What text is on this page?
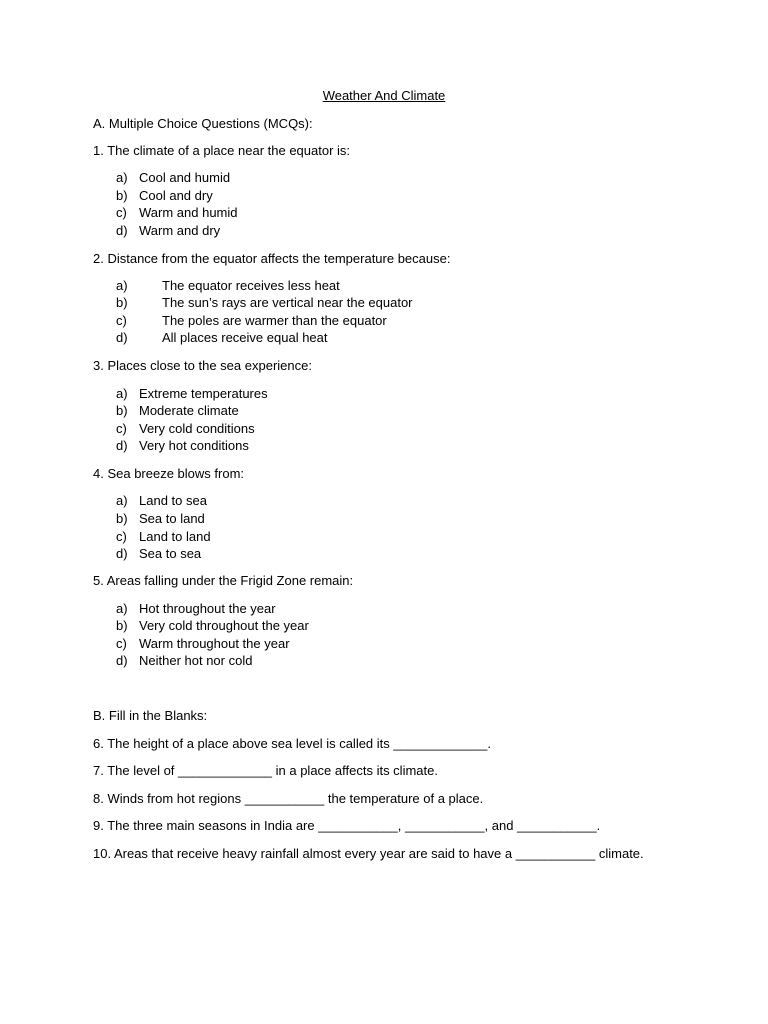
Weather And Climate
A. Multiple Choice Questions (MCQs):
1. The climate of a place near the equator is:
a) Cool and humid
b) Cool and dry
c) Warm and humid
d) Warm and dry
2. Distance from the equator affects the temperature because:
a)	The equator receives less heat
b)	The sun’s rays are vertical near the equator
c)	The poles are warmer than the equator
d)	All places receive equal heat
3. Places close to the sea experience:
a) Extreme temperatures
b) Moderate climate
c) Very cold conditions
d) Very hot conditions
4. Sea breeze blows from:
a) Land to sea
b) Sea to land
c) Land to land
d) Sea to sea
5. Areas falling under the Frigid Zone remain:
a) Hot throughout the year
b) Very cold throughout the year
c) Warm throughout the year
d) Neither hot nor cold
B. Fill in the Blanks:
6. The height of a place above sea level is called its _____________.
7. The level of _____________ in a place affects its climate.
8. Winds from hot regions ___________ the temperature of a place.
9. The three main seasons in India are ___________, ___________, and ___________.
10. Areas that receive heavy rainfall almost every year are said to have a ___________ climate.
